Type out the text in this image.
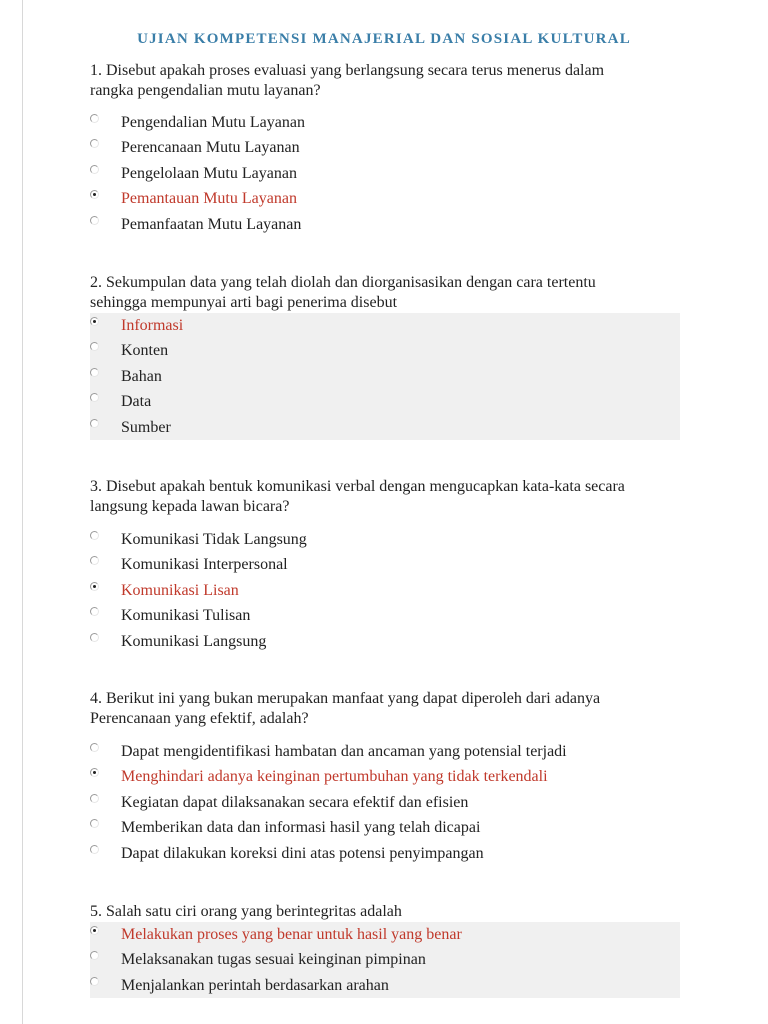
UJIAN KOMPETENSI MANAJERIAL DAN SOSIAL KULTURAL

1. Disebut apakah proses evaluasi yang berlangsung secara terus menerus dalam
rangka pengendalian mutu layanan?

Pengendalian Mutu Layanan
Perencanaan Mutu Layanan
Pengelolaan Mutu Layanan
Pemantauan Mutu Layanan
Pemanfaatan Mutu Layanan

2. Sekumpulan data yang telah diolah dan diorganisasikan dengan cara tertentu
sehingga mempunyai arti bagi penerima disebut

Informasi
Konten
Bahan
Data
Sumber

3. Disebut apakah bentuk komunikasi verbal dengan mengucapkan kata-kata secara
langsung kepada lawan bicara?

Komunikasi Tidak Langsung
Komunikasi Interpersonal
Komunikasi Lisan
Komunikasi Tulisan
Komunikasi Langsung

4. Berikut ini yang bukan merupakan manfaat yang dapat diperoleh dari adanya
Perencanaan yang efektif, adalah?

Dapat mengidentifikasi hambatan dan ancaman yang potensial terjadi
Menghindari adanya keinginan pertumbuhan yang tidak terkendali
Kegiatan dapat dilaksanakan secara efektif dan efisien
Memberikan data dan informasi hasil yang telah dicapai
Dapat dilakukan koreksi dini atas potensi penyimpangan

5. Salah satu ciri orang yang berintegritas adalah

Melakukan proses yang benar untuk hasil yang benar
Melaksanakan tugas sesuai keinginan pimpinan
Menjalankan perintah berdasarkan arahan
